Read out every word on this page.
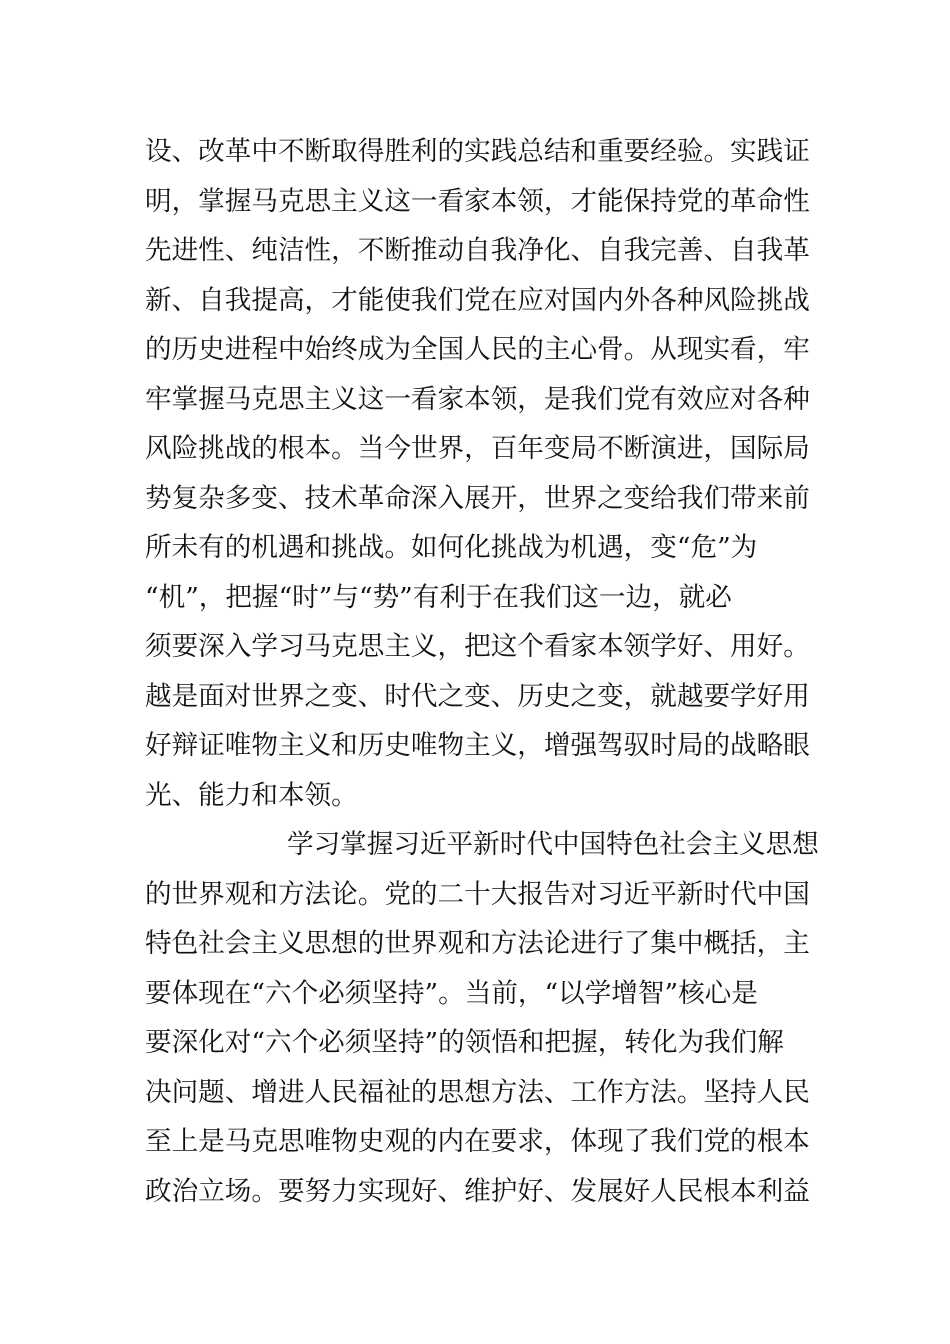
设、改革中不断取得胜利的实践总结和重要经验。实践证
明，掌握马克思主义这一看家本领，才能保持党的革命性
先进性、纯洁性，不断推动自我净化、自我完善、自我革
新、自我提高，才能使我们党在应对国内外各种风险挑战
的历史进程中始终成为全国人民的主心骨。从现实看，牢
牢掌握马克思主义这一看家本领，是我们党有效应对各种
风险挑战的根本。当今世界，百年变局不断演进，国际局
势复杂多变、技术革命深入展开，世界之变给我们带来前
所未有的机遇和挑战。如何化挑战为机遇，变“危”为
“机”，把握“时”与“势”有利于在我们这一边，就必
须要深入学习马克思主义，把这个看家本领学好、用好。
越是面对世界之变、时代之变、历史之变，就越要学好用
好辩证唯物主义和历史唯物主义，增强驾驭时局的战略眼
光、能力和本领。
学习掌握习近平新时代中国特色社会主义思想
的世界观和方法论。党的二十大报告对习近平新时代中国
特色社会主义思想的世界观和方法论进行了集中概括，主
要体现在“六个必须坚持”。当前，“以学增智”核心是
要深化对“六个必须坚持”的领悟和把握，转化为我们解
决问题、增进人民福祉的思想方法、工作方法。坚持人民
至上是马克思唯物史观的内在要求，体现了我们党的根本
政治立场。要努力实现好、维护好、发展好人民根本利益
